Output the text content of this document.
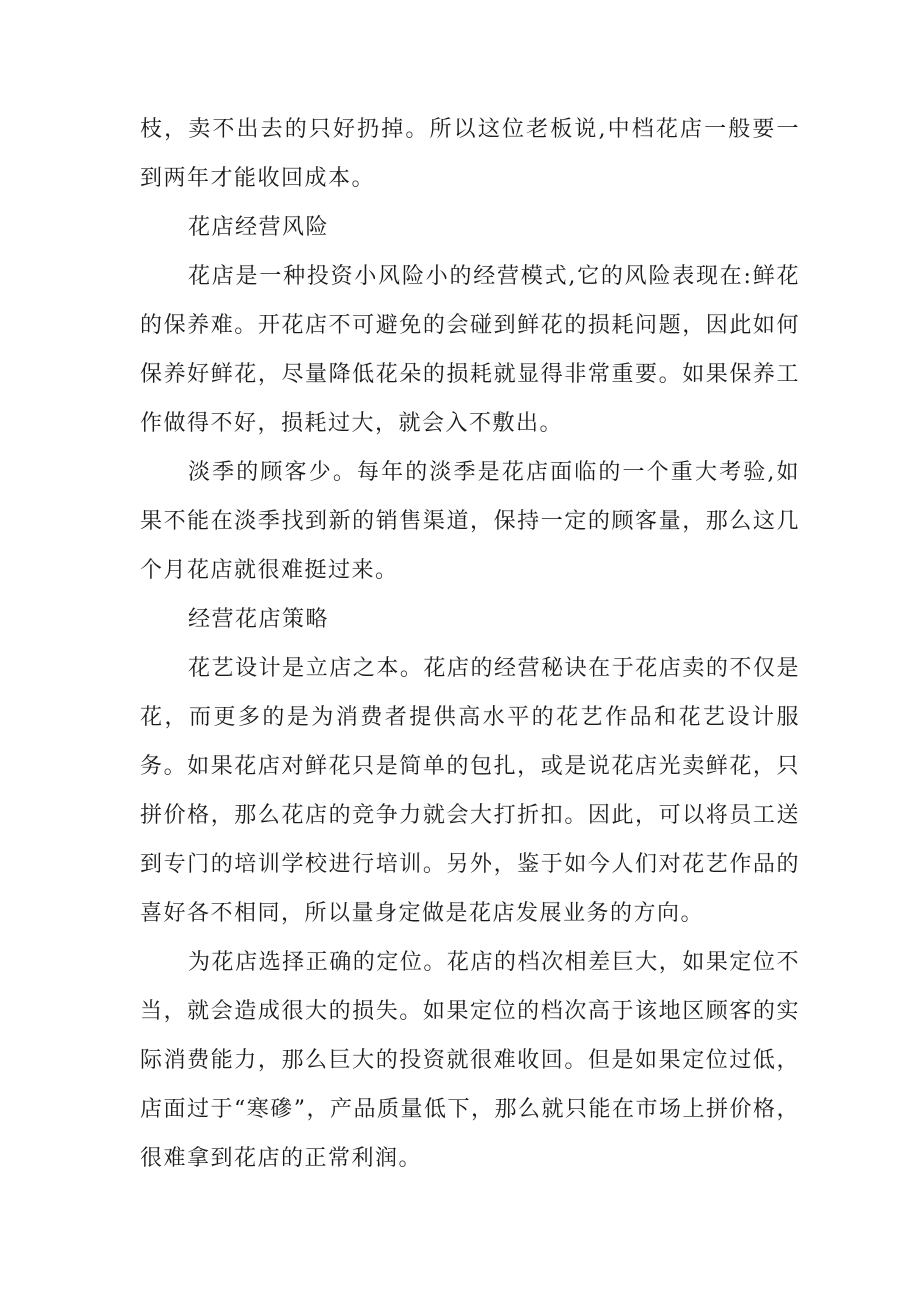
枝，卖不出去的只好扔掉。所以这位老板说,中档花店一般要一到两年才能收回成本。

花店经营风险

花店是一种投资小风险小的经营模式,它的风险表现在:鲜花的保养难。开花店不可避免的会碰到鲜花的损耗问题，因此如何保养好鲜花，尽量降低花朵的损耗就显得非常重要。如果保养工作做得不好，损耗过大，就会入不敷出。

淡季的顾客少。每年的淡季是花店面临的一个重大考验,如果不能在淡季找到新的销售渠道，保持一定的顾客量，那么这几个月花店就很难挺过来。

经营花店策略

花艺设计是立店之本。花店的经营秘诀在于花店卖的不仅是花，而更多的是为消费者提供高水平的花艺作品和花艺设计服务。如果花店对鲜花只是简单的包扎，或是说花店光卖鲜花，只拼价格，那么花店的竞争力就会大打折扣。因此，可以将员工送到专门的培训学校进行培训。另外，鉴于如今人们对花艺作品的喜好各不相同，所以量身定做是花店发展业务的方向。

为花店选择正确的定位。花店的档次相差巨大，如果定位不当，就会造成很大的损失。如果定位的档次高于该地区顾客的实际消费能力，那么巨大的投资就很难收回。但是如果定位过低，店面过于“寒磣”，产品质量低下，那么就只能在市场上拼价格，很难拿到花店的正常利润。
